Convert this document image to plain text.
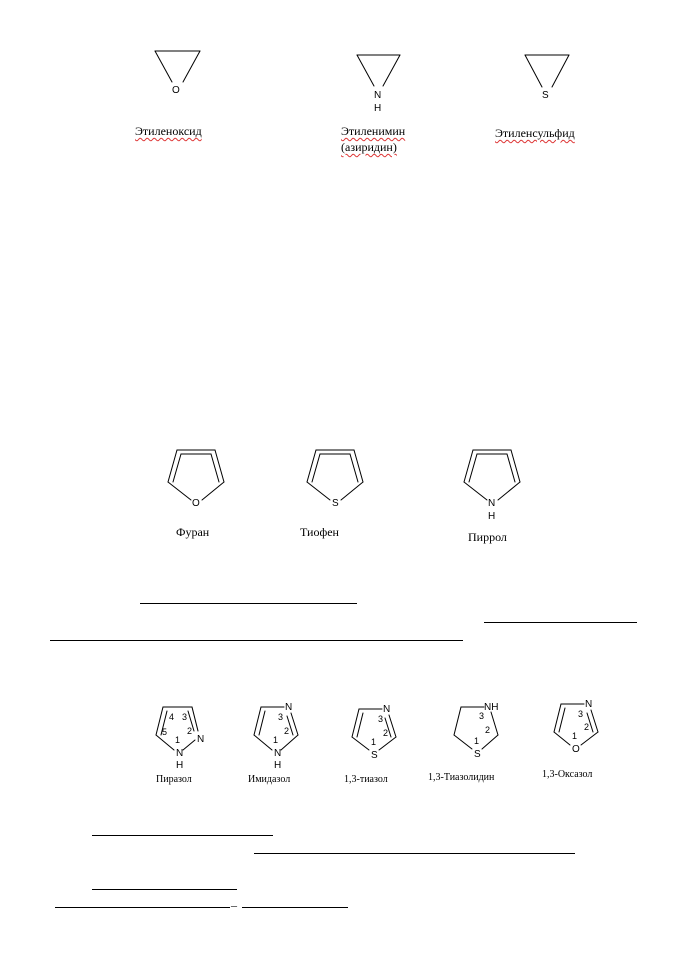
O
Этиленоксид
N
H
Этиленимин
(азиридин)
S
Этиленсульфид
O
Фуран
S
Тиофен
N
H
Пиррол
N
N
H
1
2
3
4
5
Пиразол
N
N
H
1
2
3
Имидазол
N
S
1
2
3
1,3-тиазол
NH
S
1
2
3
1,3-Тиазолидин
N
O
1
2
3
1,3-Оксазол
_
